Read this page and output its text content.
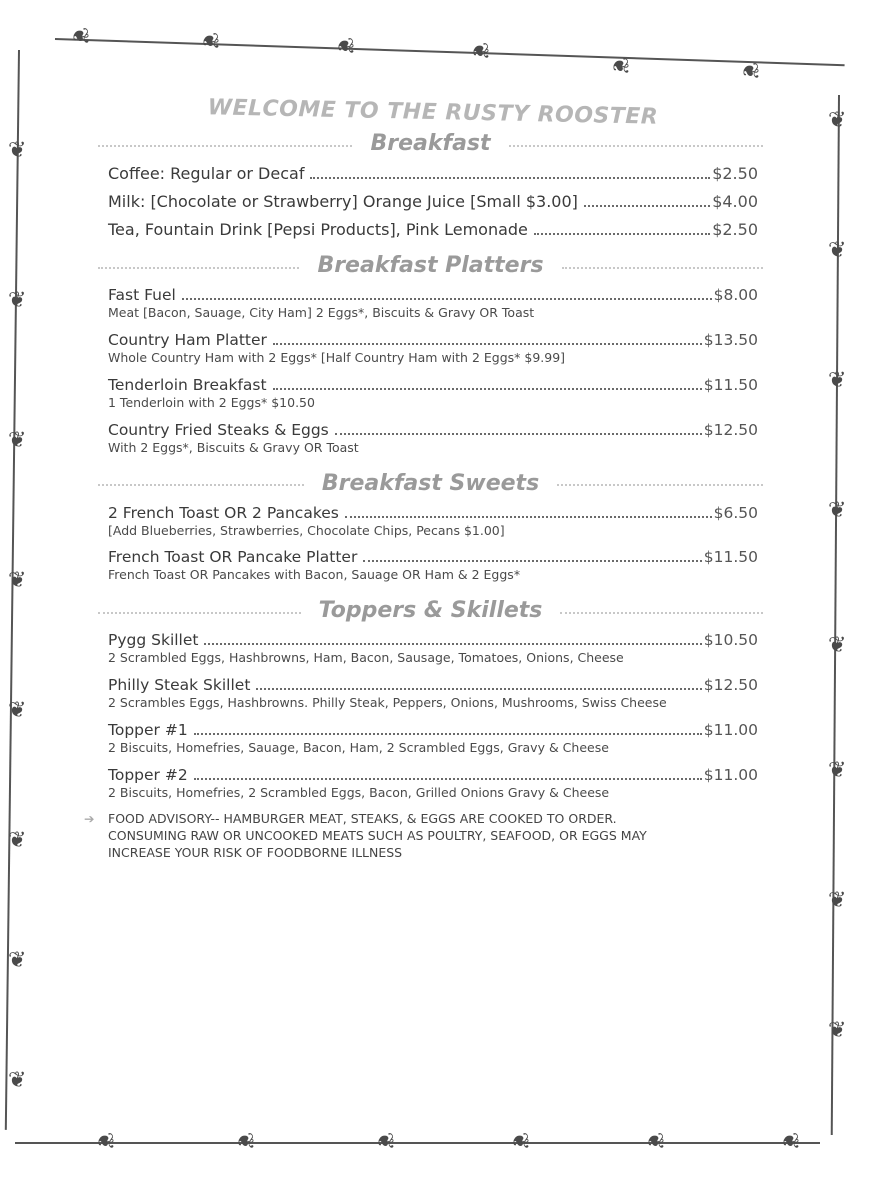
❦	❦	❦	❦
❦	❦
❦	❦	❦	❦	❦	❦
❦
❦
❦
❦
❦
❦
❦
❦
❦
❦
❦
❦
❦
❦
❦
❦
WELCOME TO THE RUSTY ROOSTER
Breakfast
Coffee: Regular or Decaf	$2.50
Milk: [Chocolate or Strawberry] Orange Juice [Small $3.00]	$4.00
Tea, Fountain Drink [Pepsi Products], Pink Lemonade	$2.50
Breakfast Platters
Fast Fuel	$8.00
Meat [Bacon, Sauage, City Ham] 2 Eggs*, Biscuits & Gravy OR Toast
Country Ham Platter	$13.50
Whole Country Ham with 2 Eggs* [Half Country Ham with 2 Eggs* $9.99]
Tenderloin Breakfast	$11.50
1 Tenderloin with 2 Eggs* $10.50
Country Fried Steaks & Eggs	$12.50
With 2 Eggs*, Biscuits & Gravy OR Toast
Breakfast Sweets
2 French Toast OR 2 Pancakes	$6.50
[Add Blueberries, Strawberries, Chocolate Chips, Pecans $1.00]
French Toast OR Pancake Platter	$11.50
French Toast OR Pancakes with Bacon, Sauage OR Ham & 2 Eggs*
Toppers & Skillets
Pygg Skillet	$10.50
2 Scrambled Eggs, Hashbrowns, Ham, Bacon, Sausage, Tomatoes, Onions, Cheese
Philly Steak Skillet	$12.50
2 Scrambles Eggs, Hashbrowns. Philly Steak, Peppers, Onions, Mushrooms, Swiss Cheese
Topper #1	$11.00
2 Biscuits, Homefries, Sauage, Bacon, Ham, 2 Scrambled Eggs, Gravy & Cheese
Topper #2	$11.00
2 Biscuits, Homefries, 2 Scrambled Eggs, Bacon, Grilled Onions Gravy & Cheese
➔	FOOD ADVISORY-- HAMBURGER MEAT, STEAKS, & EGGS ARE COOKED TO ORDER. CONSUMING RAW OR UNCOOKED MEATS SUCH AS POULTRY, SEAFOOD, OR EGGS MAY INCREASE YOUR RISK OF FOODBORNE ILLNESS
